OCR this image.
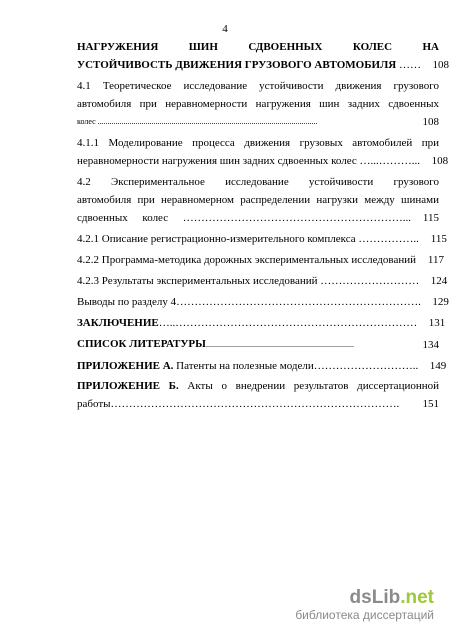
4
НАГРУЖЕНИЯ ШИН СДВОЕННЫХ КОЛЕС НА
УСТОЙЧИВОСТЬ ДВИЖЕНИЯ ГРУЗОВОГО АВТОМОБИЛЯ ……	108
4.1 Теоретическое исследование устойчивости движения грузового
автомобиля при неравномерности нагружения шин задних сдвоенных
колес ..............................................................................................................	108
4.1.1 Моделирование процесса движения грузовых автомобилей при
неравномерности нагружения шин задних сдвоенных колес …...………...	108
4.2 Экспериментальное исследование устойчивости грузового
автомобиля при неравномерном распределении нагрузки между шинами
сдвоенных колес ……………………………………………………...	115
4.2.1 Описание регистрационно-измерительного комплекса ……………..	115
4.2.2 Программа-методика дорожных экспериментальных исследований	117
4.2.3 Результаты экспериментальных исследований ………………………	124
Выводы по разделу 4………………………………………………………….	129
ЗАКЛЮЧЕНИЕ…..…………………………………………………………	131
СПИСОК ЛИТЕРАТУРЫ..........................................................................	134
ПРИЛОЖЕНИЕ А. Патенты на полезные модели………………………..	149
ПРИЛОЖЕНИЕ Б. Акты о внедрении результатов диссертационной
работы…………………………………………………………………….	151
dsLib.net
библиотека диссертаций
